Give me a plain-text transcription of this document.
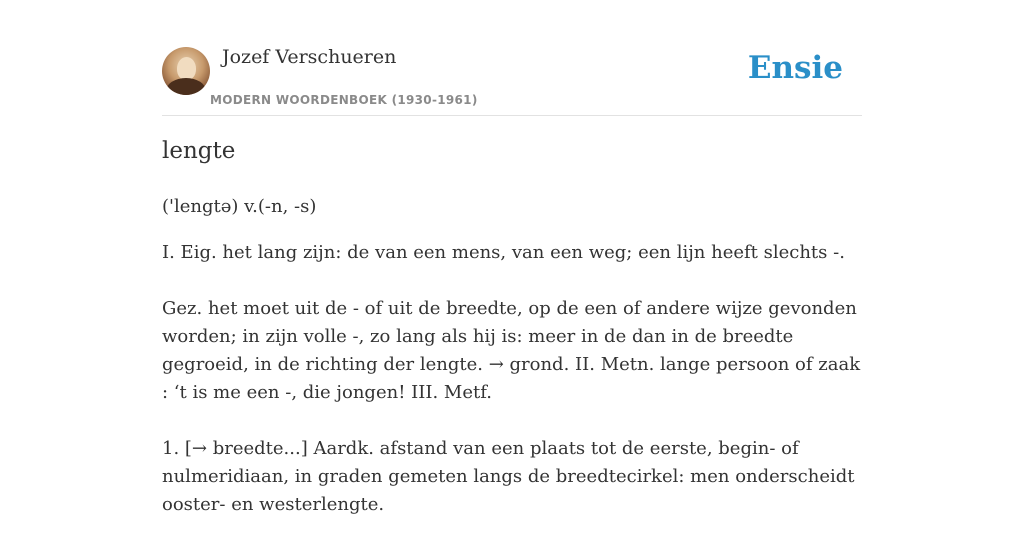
Jozef Verschueren
MODERN WOORDENBOEK (1930-1961)
Ensie
lengte
('lengtə) v.(-n, -s)

I. Eig. het lang zijn: de van een mens, van een weg; een lijn heeft slechts -.

Gez. het moet uit de - of uit de breedte, op de een of andere wijze gevonden worden; in zijn volle -, zo lang als hij is: meer in de dan in de breedte gegroeid, in de richting der lengte. → grond. II. Metn. lange persoon of zaak : ‘t is me een -, die jongen! III. Metf.

1. [→ breedte...] Aardk. afstand van een plaats tot de eerste, begin- of nulmeridiaan, in graden gemeten langs de breedtecirkel: men onderscheidt ooster- en westerlengte.
